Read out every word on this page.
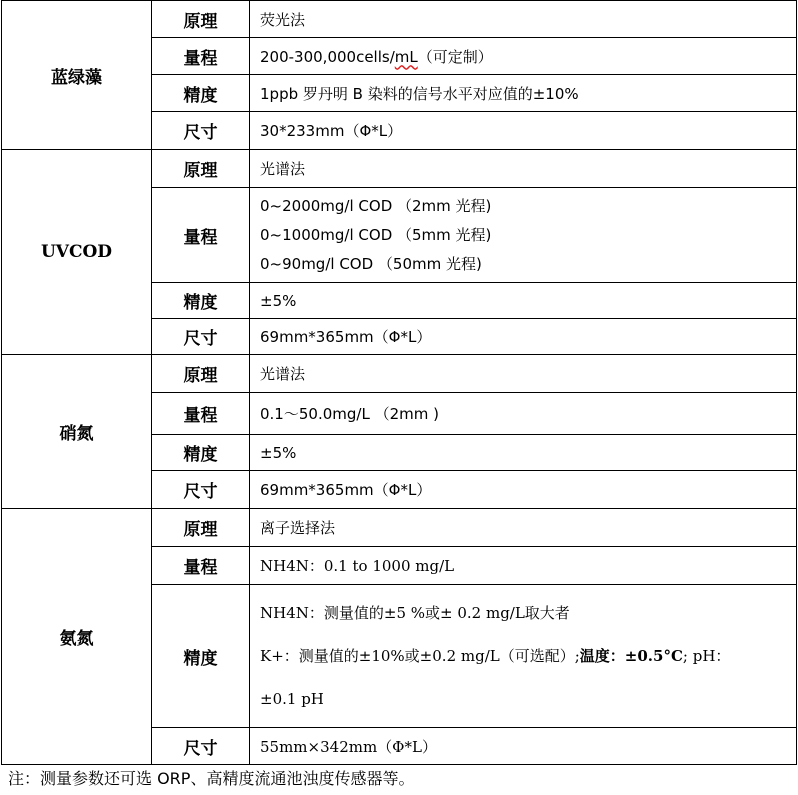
蓝绿藻	原理	荧光法
	量程	200-300,000cells/mL（可定制）
	精度	1ppb 罗丹明 B 染料的信号水平对应值的±10%
	尺寸	30*233mm（Φ*L）
UVCOD	原理	光谱法
	量程	0~2000mg/l COD （2mm 光程)
0~1000mg/l COD （5mm 光程)
0~90mg/l COD （50mm 光程)

	精度	±5%
	尺寸	69mm*365mm（Φ*L）
硝氮	原理	光谱法
	量程	0.1～50.0mg/L （2mm )
	精度	±5%
	尺寸	69mm*365mm（Φ*L）
氨氮	原理	离子选择法
	量程	NH4N：0.1 to 1000 mg/L
	精度	NH4N：测量值的±5 %或± 0.2 mg/L取大者
K+：测量值的±10%或±0.2 mg/L（可选配）;温度：±0.5°C; pH：
±0.1 pH

	尺寸	55mm×342mm（Φ*L）
注：测量参数还可选 ORP、高精度流通池浊度传感器等。
